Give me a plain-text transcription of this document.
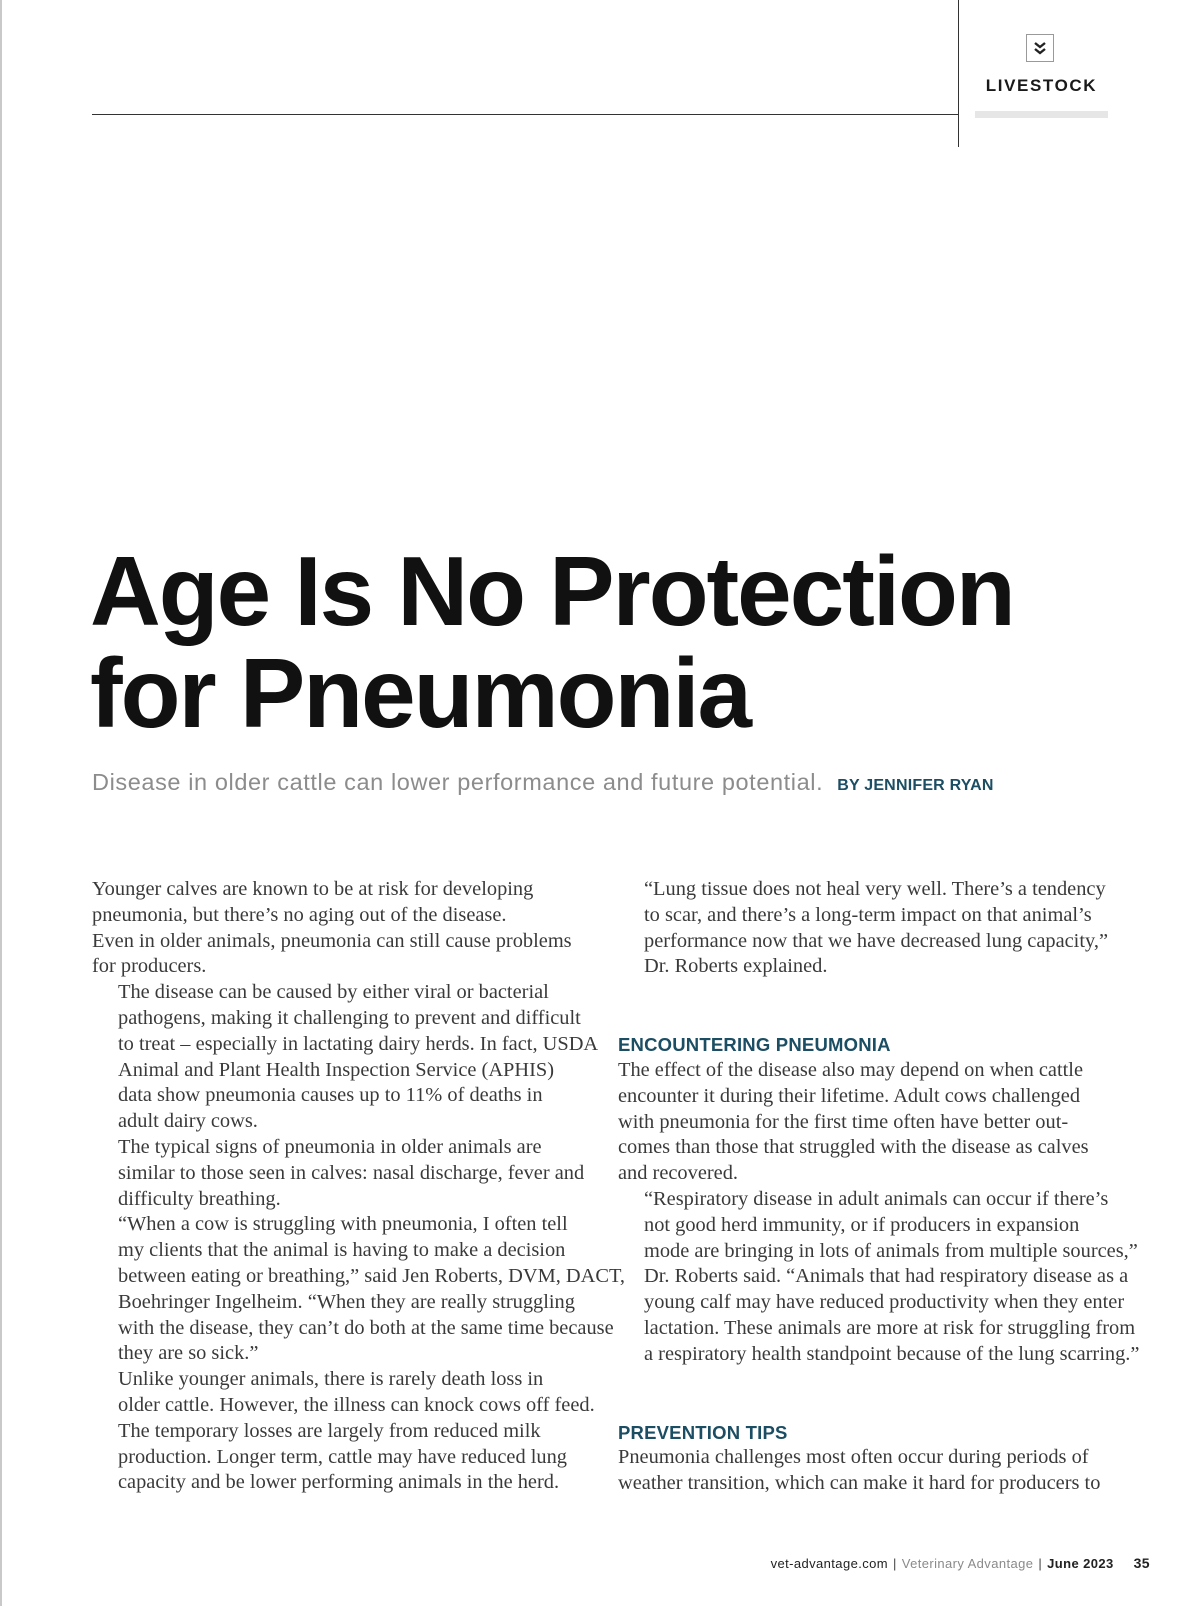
LIVESTOCK
Age Is No Protection
for Pneumonia
Disease in older cattle can lower performance and future potential. BY JENNIFER RYAN

Younger calves are known to be at risk for developing
pneumonia, but there’s no aging out of the disease.
Even in older animals, pneumonia can still cause problems
for producers.

The disease can be caused by either viral or bacterial
pathogens, making it challenging to prevent and difficult
to treat – especially in lactating dairy herds. In fact, USDA
Animal and Plant Health Inspection Service (APHIS)
data show pneumonia causes up to 11% of deaths in
adult dairy cows.

The typical signs of pneumonia in older animals are
similar to those seen in calves: nasal discharge, fever and
difficulty breathing.

“When a cow is struggling with pneumonia, I often tell
my clients that the animal is having to make a decision
between eating or breathing,” said Jen Roberts, DVM, DACT,
Boehringer Ingelheim. “When they are really struggling
with the disease, they can’t do both at the same time because
they are so sick.”

Unlike younger animals, there is rarely death loss in
older cattle. However, the illness can knock cows off feed.
The temporary losses are largely from reduced milk
production. Longer term, cattle may have reduced lung
capacity and be lower performing animals in the herd.

“Lung tissue does not heal very well. There’s a tendency
to scar, and there’s a long-term impact on that animal’s
performance now that we have decreased lung capacity,”
Dr. Roberts explained.

ENCOUNTERING PNEUMONIA

The effect of the disease also may depend on when cattle
encounter it during their lifetime. Adult cows challenged
with pneumonia for the first time often have better out-
comes than those that struggled with the disease as calves
and recovered.

“Respiratory disease in adult animals can occur if there’s
not good herd immunity, or if producers in expansion
mode are bringing in lots of animals from multiple sources,”
Dr. Roberts said. “Animals that had respiratory disease as a
young calf may have reduced productivity when they enter
lactation. These animals are more at risk for struggling from
a respiratory health standpoint because of the lung scarring.”

PREVENTION TIPS

Pneumonia challenges most often occur during periods of
weather transition, which can make it hard for producers to

vet-advantage.com | Veterinary Advantage | June 2023 35
